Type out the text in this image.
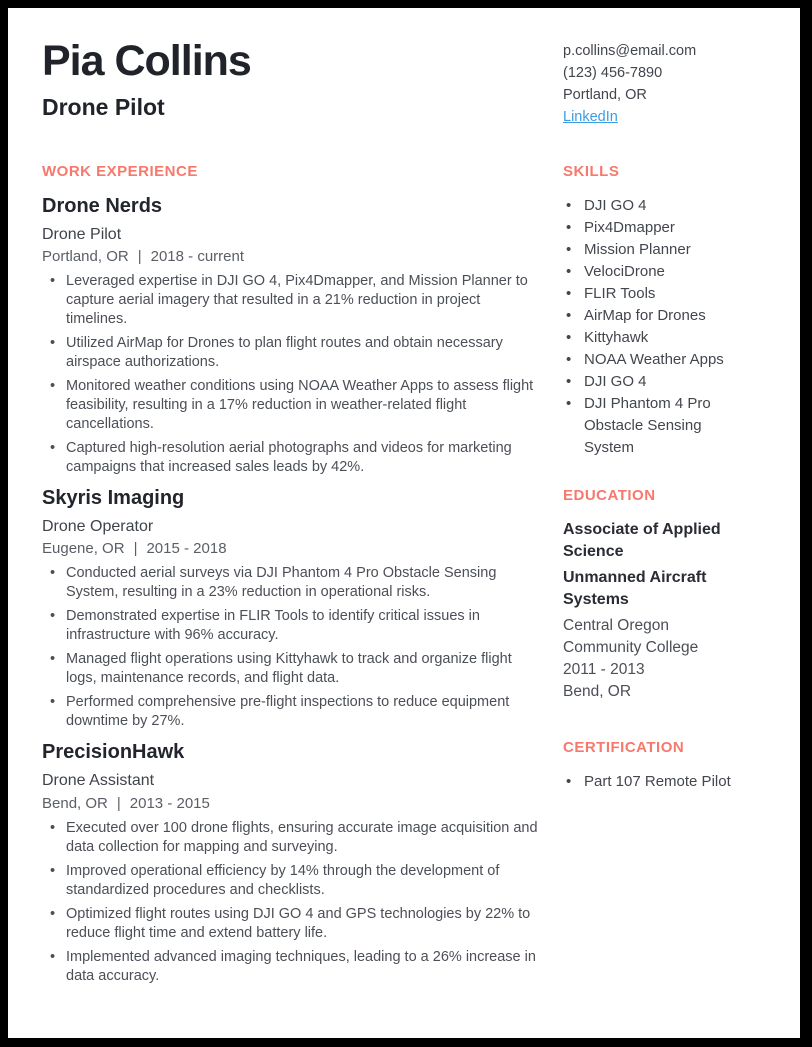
Pia Collins
Drone Pilot
p.collins@email.com
(123) 456-7890
Portland, OR
LinkedIn
WORK EXPERIENCE
Drone Nerds
Drone Pilot
Portland, OR | 2018 - current
• Leveraged expertise in DJI GO 4, Pix4Dmapper, and Mission Planner to capture aerial imagery that resulted in a 21% reduction in project timelines.
• Utilized AirMap for Drones to plan flight routes and obtain necessary airspace authorizations.
• Monitored weather conditions using NOAA Weather Apps to assess flight feasibility, resulting in a 17% reduction in weather-related flight cancellations.
• Captured high-resolution aerial photographs and videos for marketing campaigns that increased sales leads by 42%.
Skyris Imaging
Drone Operator
Eugene, OR | 2015 - 2018
• Conducted aerial surveys via DJI Phantom 4 Pro Obstacle Sensing System, resulting in a 23% reduction in operational risks.
• Demonstrated expertise in FLIR Tools to identify critical issues in infrastructure with 96% accuracy.
• Managed flight operations using Kittyhawk to track and organize flight logs, maintenance records, and flight data.
• Performed comprehensive pre-flight inspections to reduce equipment downtime by 27%.
PrecisionHawk
Drone Assistant
Bend, OR | 2013 - 2015
• Executed over 100 drone flights, ensuring accurate image acquisition and data collection for mapping and surveying.
• Improved operational efficiency by 14% through the development of standardized procedures and checklists.
• Optimized flight routes using DJI GO 4 and GPS technologies by 22% to reduce flight time and extend battery life.
• Implemented advanced imaging techniques, leading to a 26% increase in data accuracy.
SKILLS
• DJI GO 4
• Pix4Dmapper
• Mission Planner
• VelociDrone
• FLIR Tools
• AirMap for Drones
• Kittyhawk
• NOAA Weather Apps
• DJI GO 4
• DJI Phantom 4 Pro Obstacle Sensing System
EDUCATION
Associate of Applied Science
Unmanned Aircraft Systems
Central Oregon Community College
2011 - 2013
Bend, OR
CERTIFICATION
• Part 107 Remote Pilot
